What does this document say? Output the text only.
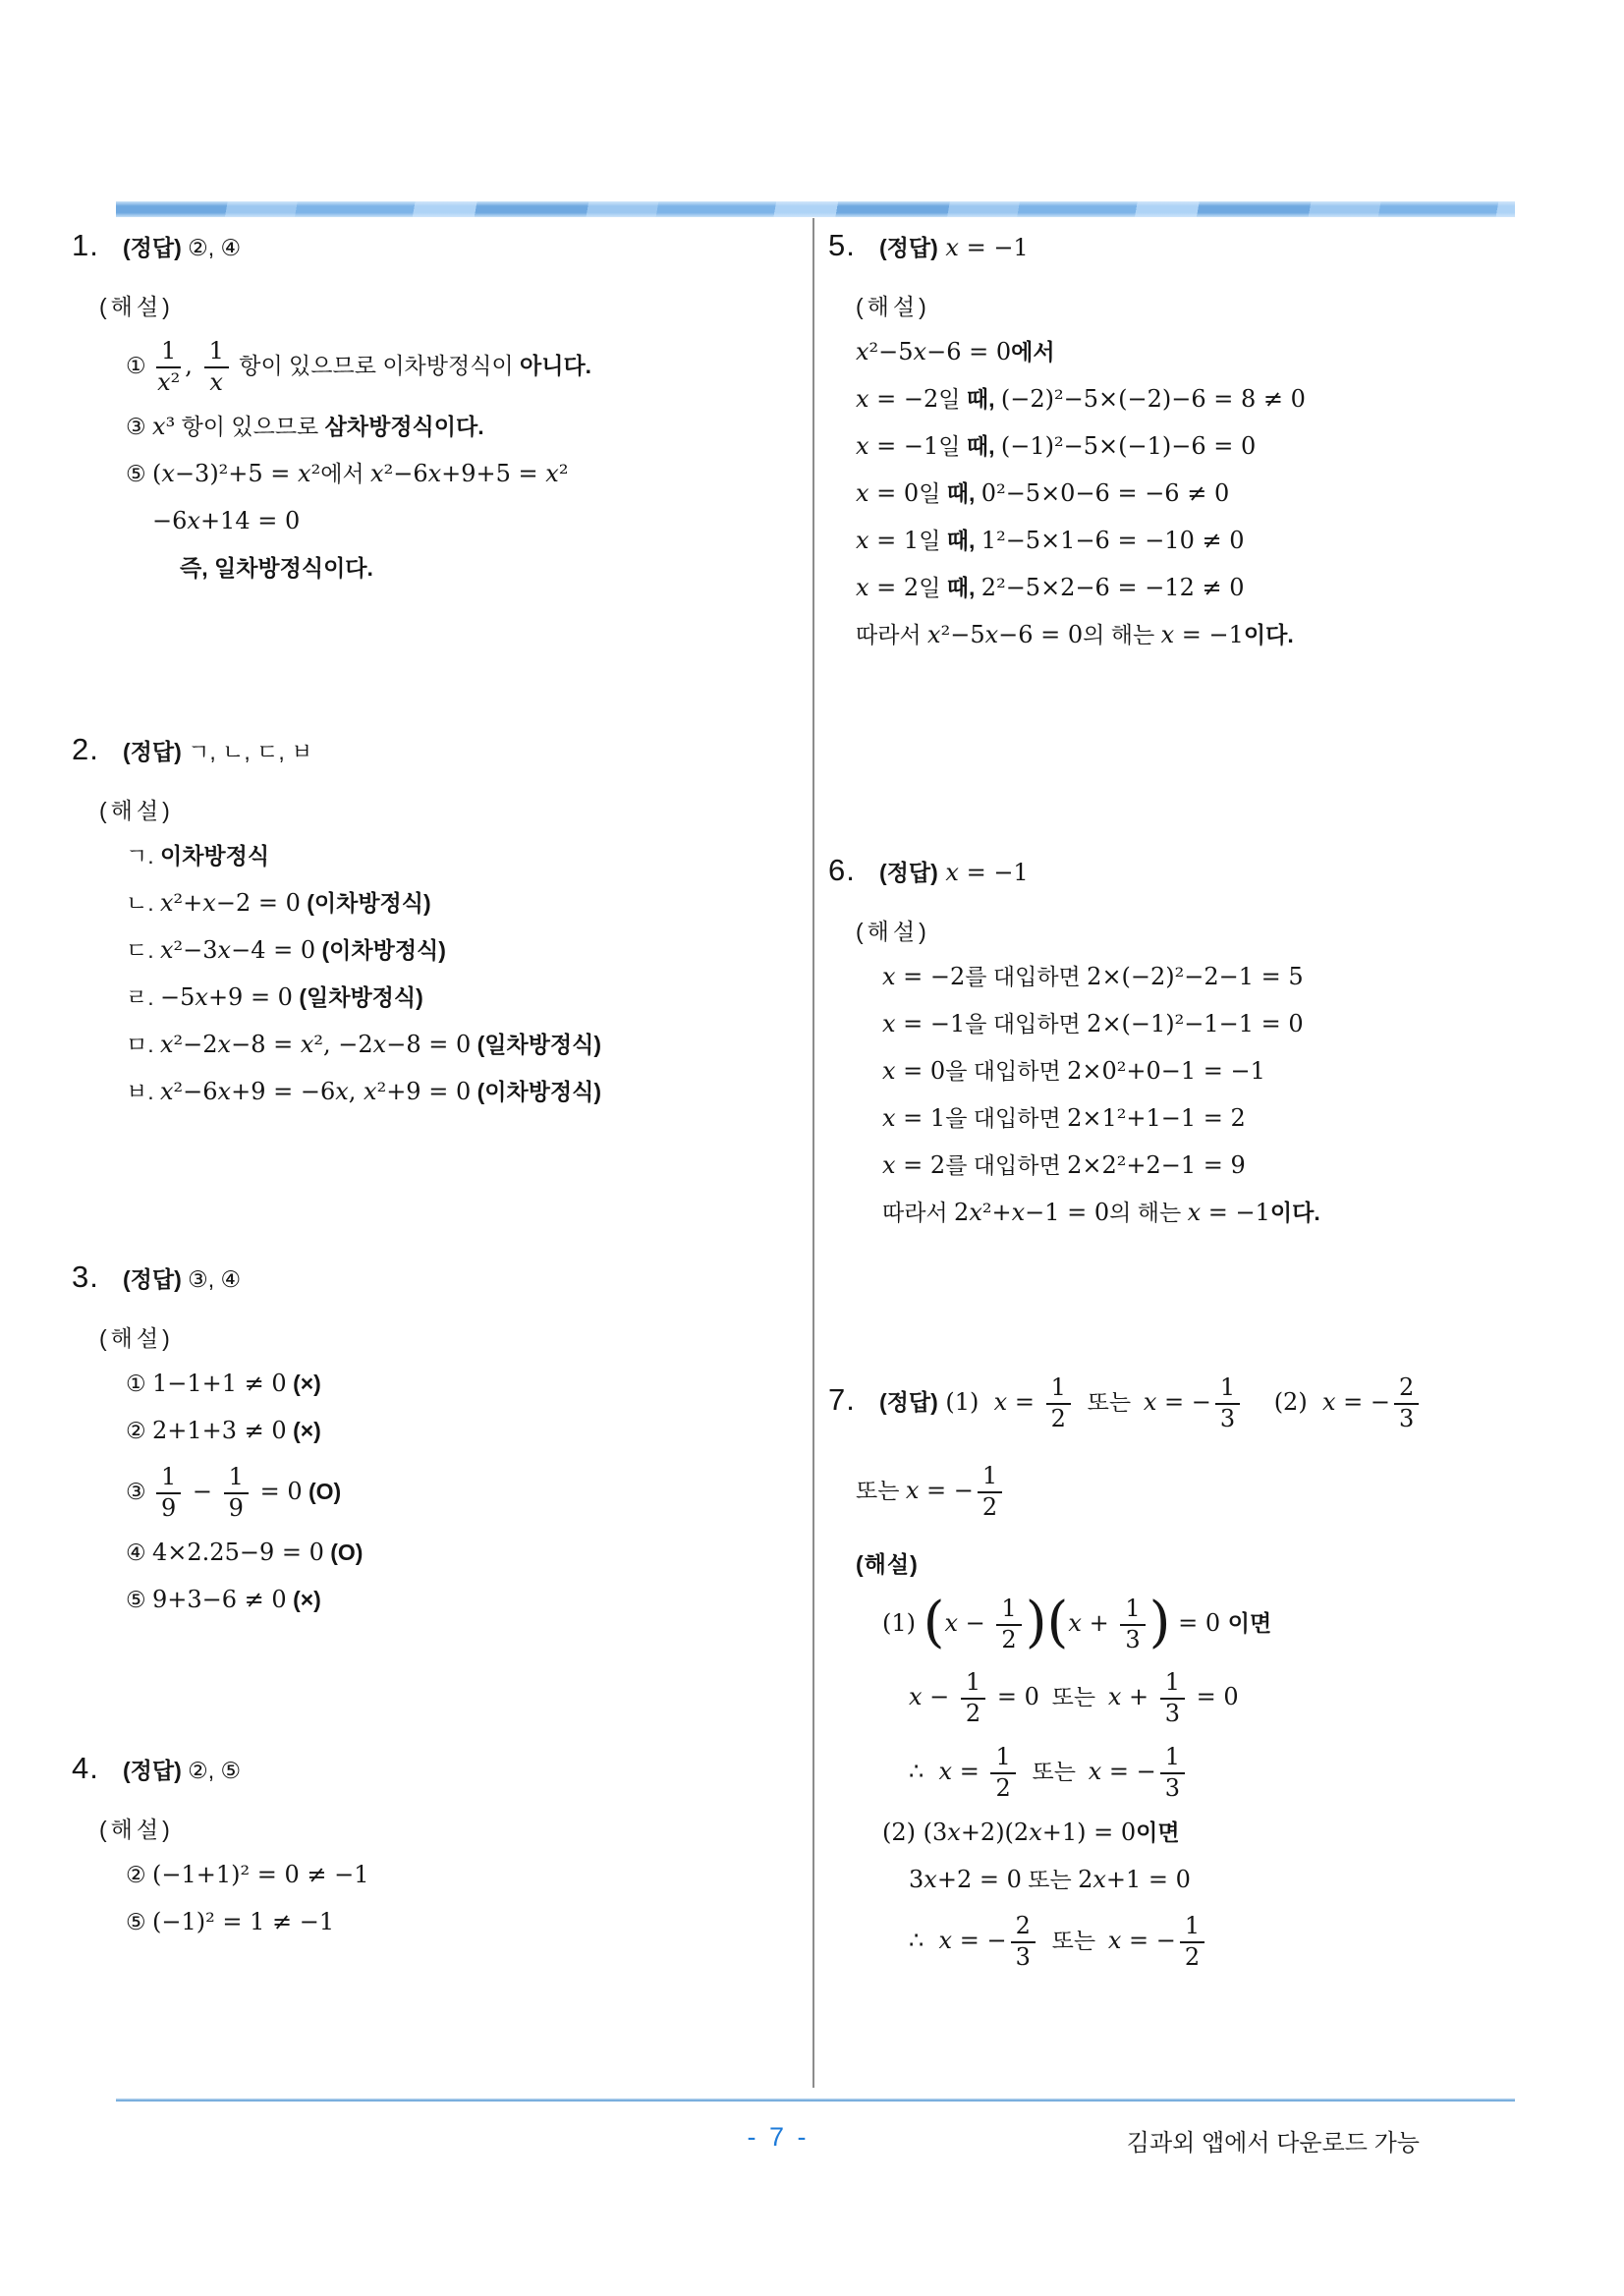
1.	(정답) ②, ④
(해설)
① $\frac{1}{\text{x²}}$ , $\frac{1}{x}$ 항이 있으므로 이차방정식이 아니다.
③ x³ 항이 있으므로 삼차방정식이다.
⑤ (x−3)²+5 = x²에서 x²−6x+9+5 = x²
−6x+14 = 0
즉, 일차방정식이다.
2.	(정답) ㄱ, ㄴ, ㄷ, ㅂ
(해설)
ㄱ. 이차방정식
ㄴ. x²+x−2 = 0 (이차방정식)
ㄷ. x²−3x−4 = 0 (이차방정식)
ㄹ. −5x+9 = 0 (일차방정식)
ㅁ. x²−2x−8 = x², −2x−8 = 0 (일차방정식)
ㅂ. x²−6x+9 = −6x, x²+9 = 0 (이차방정식)
3.	(정답) ③, ④
(해설)
① 1−1+1 ≠ 0 (×)
② 2+1+3 ≠ 0 (×)
③ $\frac{1}{9} - \frac{1}{9} = 0$ (O)
④ 4×2.25−9 = 0 (O)
⑤ 9+3−6 ≠ 0 (×)
4.	(정답) ②, ⑤
(해설)
② (−1+1)² = 0 ≠ −1
⑤ (−1)² = 1 ≠ −1
5.	(정답) x = −1
(해설)
x²−5x−6 = 0에서
x = −2일 때, (−2)²−5×(−2)−6 = 8 ≠ 0
x = −1일 때, (−1)²−5×(−1)−6 = 0
x = 0일 때, 0²−5×0−6 = −6 ≠ 0
x = 1일 때, 1²−5×1−6 = −10 ≠ 0
x = 2일 때, 2²−5×2−6 = −12 ≠ 0
따라서 x²−5x−6 = 0의 해는 x = −1이다.
6.	(정답) x = −1
(해설)
x = −2를 대입하면 2×(−2)²−2−1 = 5
x = −1을 대입하면 2×(−1)²−1−1 = 0
x = 0을 대입하면 2×0²+0−1 = −1
x = 1을 대입하면 2×1²+1−1 = 2
x = 2를 대입하면 2×2²+2−1 = 9
따라서 2x²+x−1 = 0의 해는 x = −1이다.
7.	(정답) (1)  $x = \frac{1}{2}$ 또는  x = − $\frac{1}{3} (2) x$ = − $\frac{2}{3}$
또는 x = − $\frac{1}{2}$
(해설)
(1) $(x - \frac{1}{2} )(x + \frac{1}{3}$ ) = 0 이면
$x - \frac{1}{2} = 0$  또는  $x + \frac{1}{3} = 0$
∴  $x = \frac{1}{2}$ 또는  x = − $\frac{1}{3}$
(2) (3x+2)(2x+1) = 0이면
3x+2 = 0 또는 2x+1 = 0
∴  x = − $\frac{2}{3}$ 또는  x = − $\frac{1}{2}$
- 7 -	김과외 앱에서 다운로드 가능
